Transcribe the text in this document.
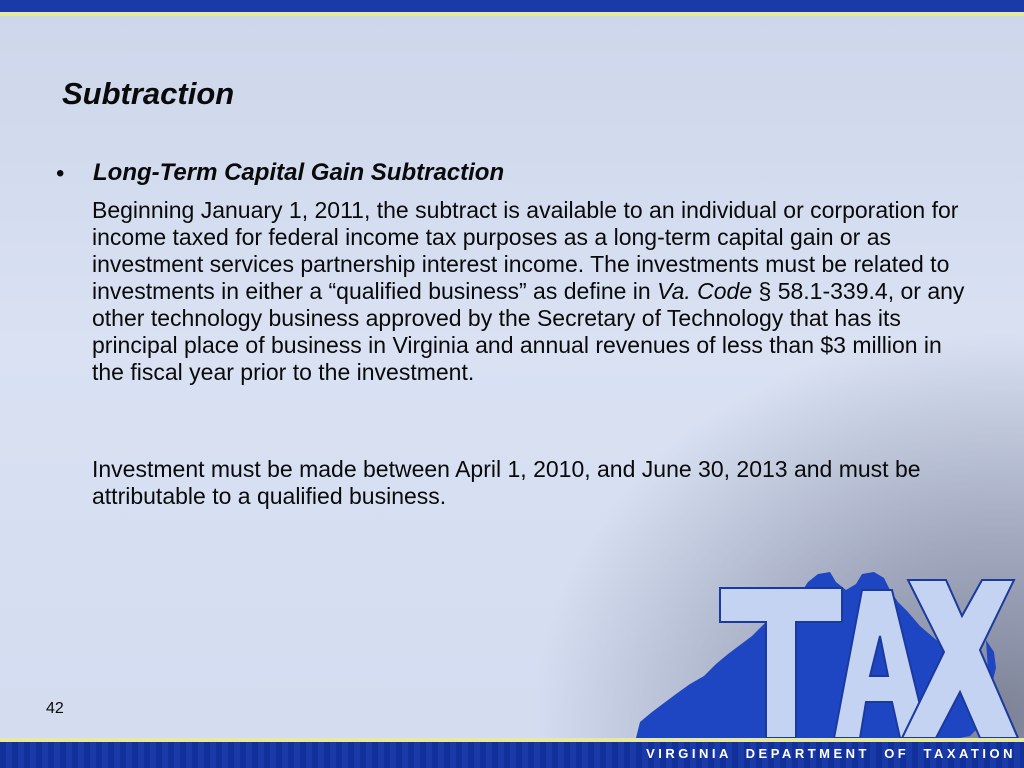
Subtraction
• Long-Term Capital Gain Subtraction

Beginning January 1, 2011, the subtract is available to an individual or corporation for income taxed for federal income tax purposes as a long-term capital gain or as investment services partnership interest income. The investments must be related to investments in either a “qualified business” as define in Va. Code § 58.1-339.4, or any other technology business approved by the Secretary of Technology that has its principal place of business in Virginia and annual revenues of less than $3 million in the fiscal year prior to the investment.

Investment must be made between April 1, 2010, and June 30, 2013 and must be attributable to a qualified business.

42
VIRGINIA  DEPARTMENT  OF  TAXATION
